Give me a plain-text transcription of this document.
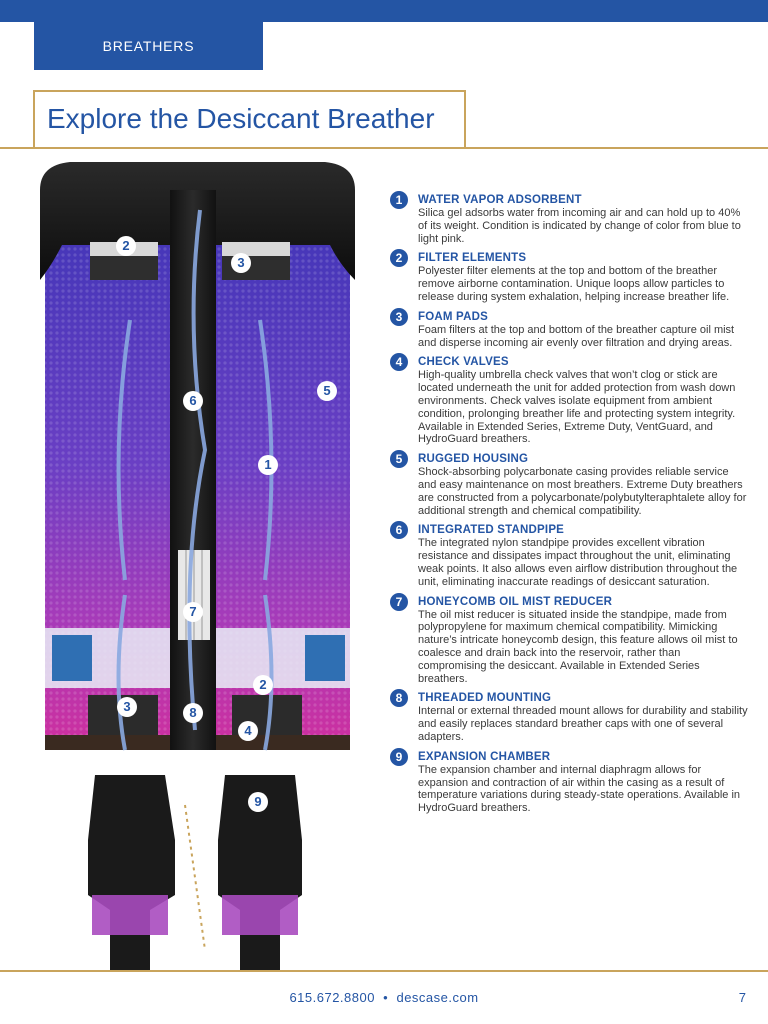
BREATHERS
Explore the Desiccant Breather
2
3
6
5
1
7
2
3	8
4
9
1	WATER VAPOR ADSORBENT

Silica gel adsorbs water from incoming air and can hold up to 40% of its weight. Condition is indicated by change of color from blue to light pink.

2	FILTER ELEMENTS

Polyester filter elements at the top and bottom of the breather remove airborne contamination. Unique loops allow particles to release during system exhalation, helping increase breather life.

3	FOAM PADS

Foam filters at the top and bottom of the breather capture oil mist and disperse incoming air evenly over filtration and drying areas.

4	CHECK VALVES

High-quality umbrella check valves that won’t clog or stick are located underneath the unit for added protection from wash down environments. Check valves isolate equipment from ambient condition, prolonging breather life and protecting system integrity. Available in Extended Series, Extreme Duty, VentGuard, and HydroGuard breathers.

5	RUGGED HOUSING

Shock-absorbing polycarbonate casing provides reliable service and easy maintenance on most breathers. Extreme Duty breathers are constructed from a polycarbonate/polybutylteraphtalete alloy for additional strength and chemical compatibility.

6	INTEGRATED STANDPIPE

The integrated nylon standpipe provides excellent vibration resistance and dissipates impact throughout the unit, eliminating weak points. It also allows even airflow distribution throughout the unit, eliminating inaccurate readings of desiccant saturation.

7	HONEYCOMB OIL MIST REDUCER

The oil mist reducer is situated inside the standpipe, made from polypropylene for maximum chemical compatibility. Mimicking nature’s intricate honeycomb design, this feature allows oil mist to coalesce and drain back into the reservoir, rather than compromising the desiccant. Available in Extended Series breathers.

8	THREADED MOUNTING

Internal or external threaded mount allows for durability and stability and easily replaces standard breather caps with one of several adapters.

9	EXPANSION CHAMBER

The expansion chamber and internal diaphragm allows for expansion and contraction of air within the casing as a result of temperature variations during steady-state operations. Available in HydroGuard breathers.

615.672.8800  •  descase.com	7
